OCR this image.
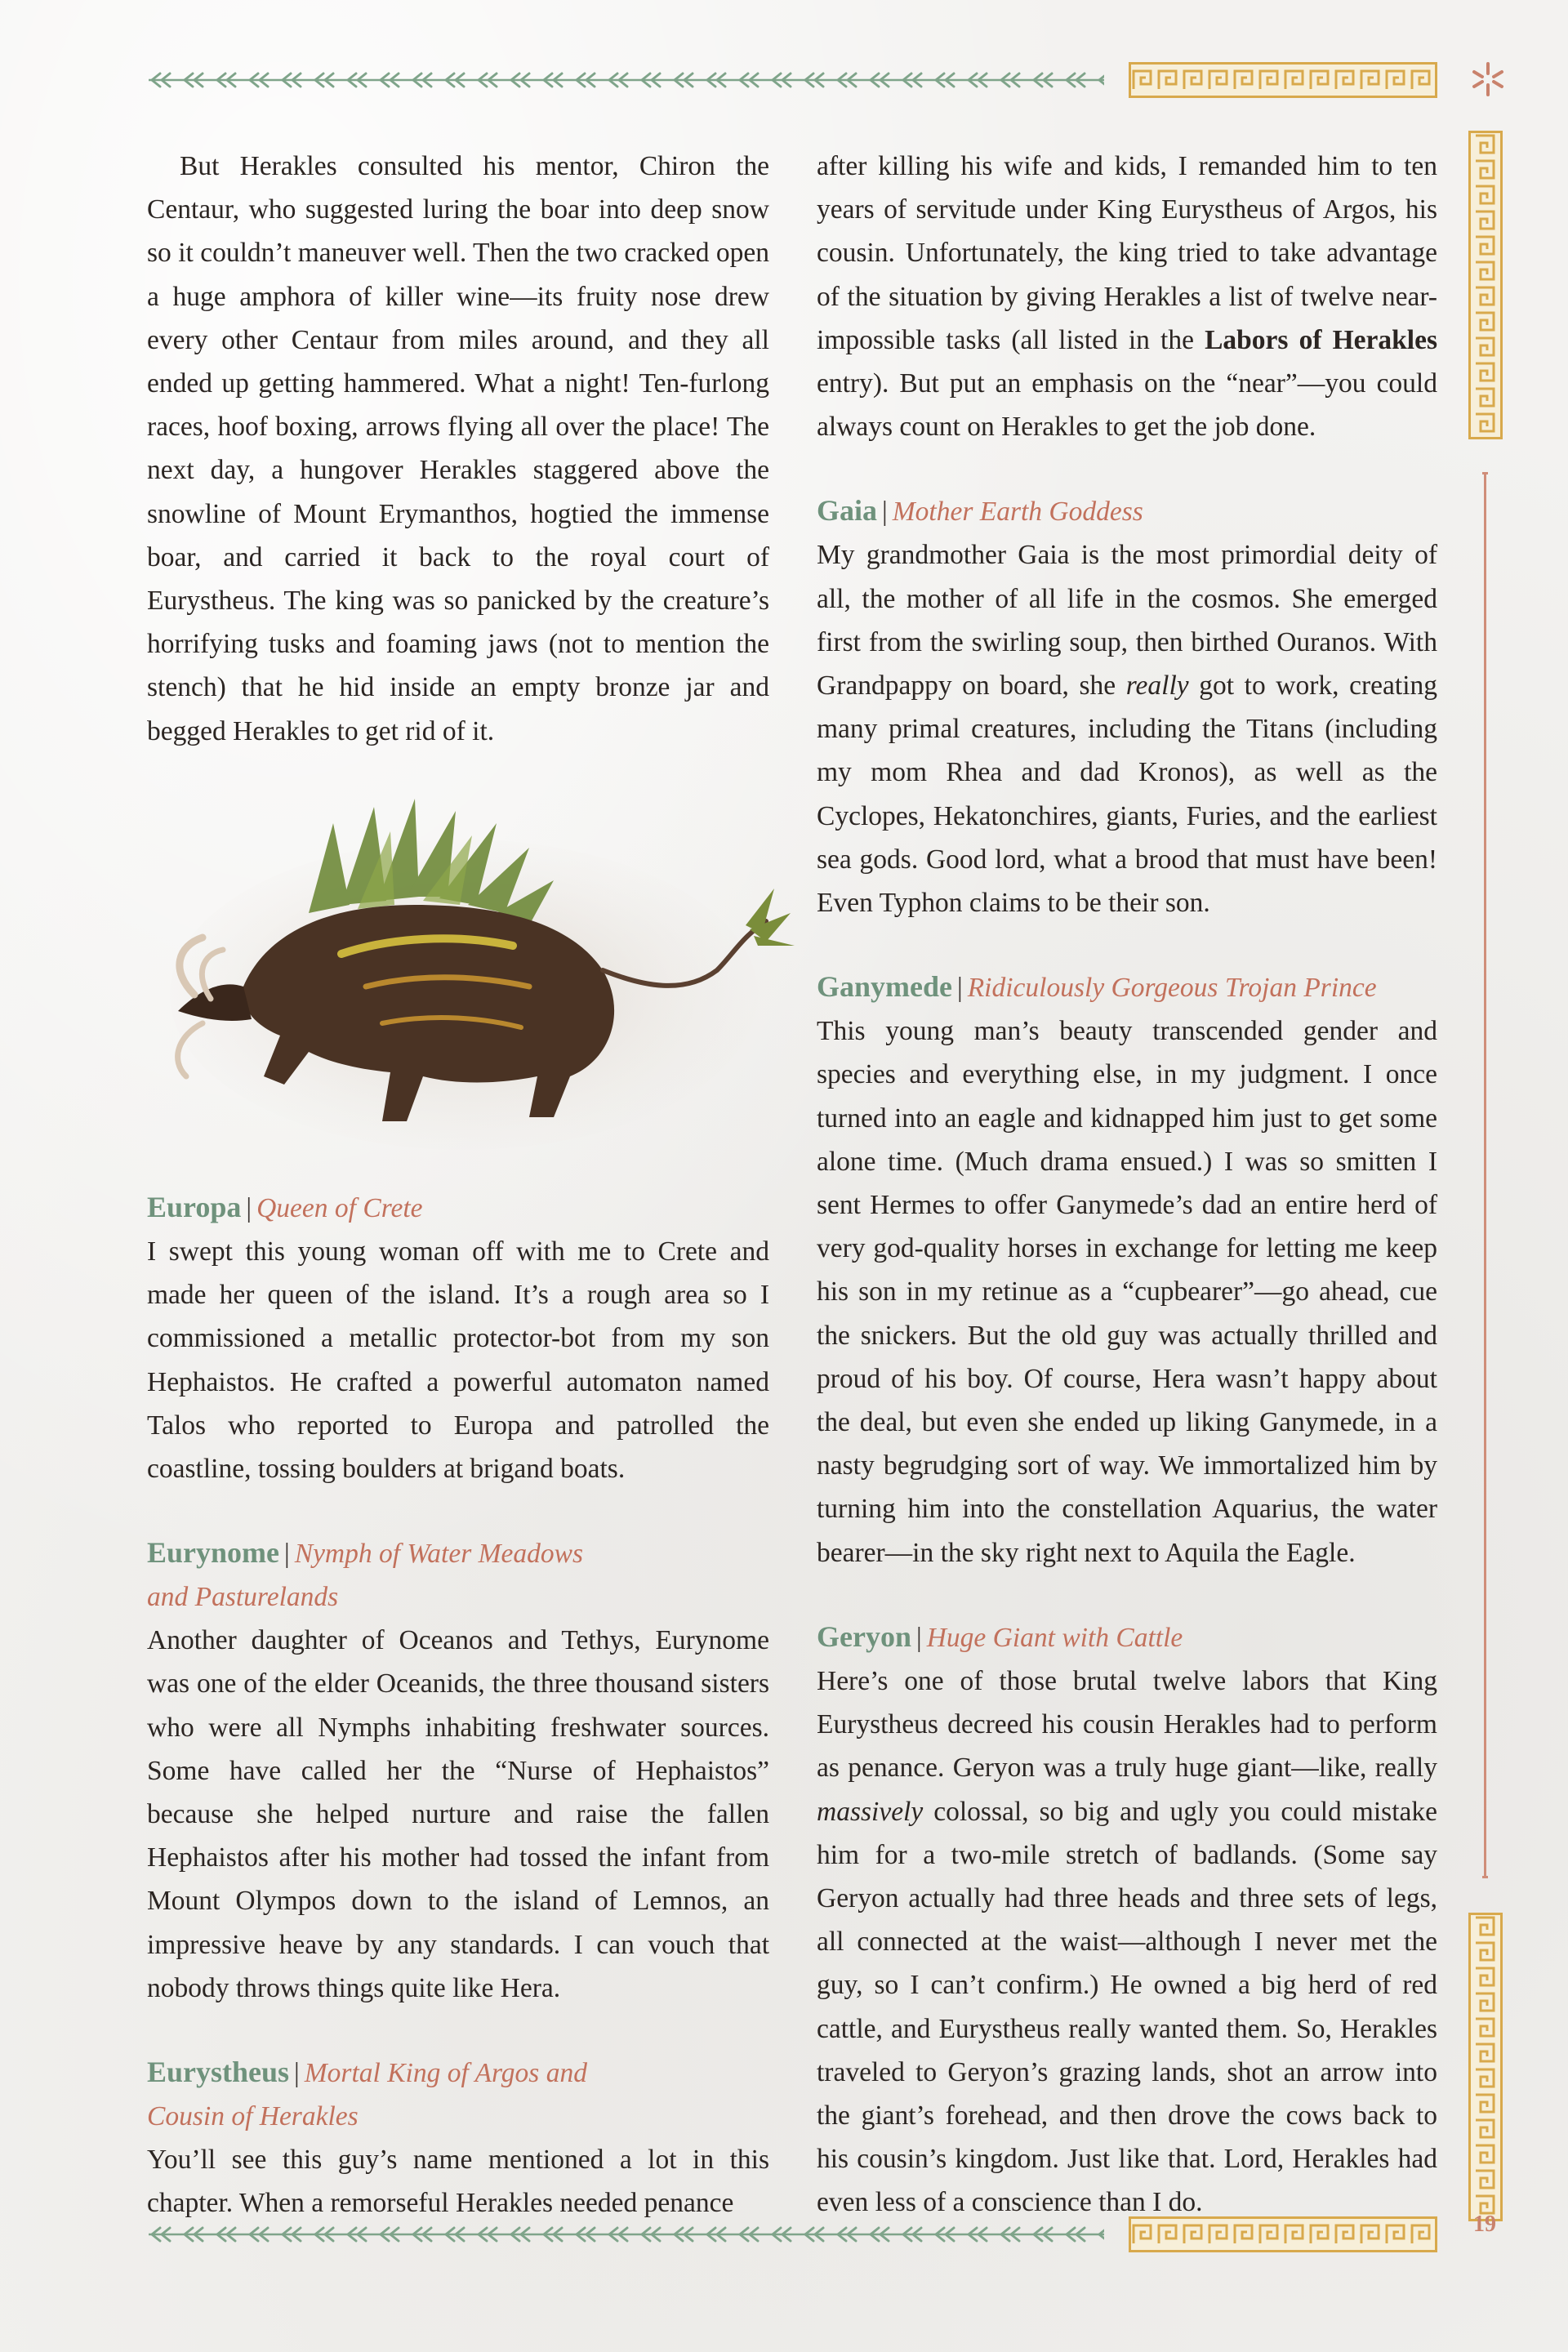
19

But Herakles consulted his mentor, Chiron the Centaur, who suggested luring the boar into deep snow so it couldn’t maneuver well. Then the two cracked open a huge amphora of killer wine—its fruity nose drew every other Centaur from miles around, and they all ended up getting hammered. What a night! Ten-furlong races, hoof boxing, arrows flying all over the place! The next day, a hungover Herakles staggered above the snowline of Mount Erymanthos, hogtied the immense boar, and carried it back to the royal court of Eurystheus. The king was so panicked by the creature’s horrifying tusks and foaming jaws (not to mention the stench) that he hid inside an empty bronze jar and begged Herakles to get rid of it.

Europa | Queen of Crete

I swept this young woman off with me to Crete and made her queen of the island. It’s a rough area so I commissioned a metallic protector-bot from my son Hephaistos. He crafted a powerful automaton named Talos who reported to Europa and patrolled the coastline, tossing boulders at brigand boats.

Eurynome | Nymph of Water Meadows
and Pasturelands

Another daughter of Oceanos and Tethys, Eurynome was one of the elder Oceanids, the three thousand sisters who were all Nymphs inhabiting freshwater sources. Some have called her the “Nurse of Hephaistos” because she helped nurture and raise the fallen Hephaistos after his mother had tossed the infant from Mount Olympos down to the island of Lemnos, an impressive heave by any standards. I can vouch that nobody throws things quite like Hera.

Eurystheus | Mortal King of Argos and
Cousin of Herakles

You’ll see this guy’s name mentioned a lot in this chapter. When a remorseful Herakles needed penance

after killing his wife and kids, I remanded him to ten years of servitude under King Eurystheus of Argos, his cousin. Unfortunately, the king tried to take advantage of the situation by giving Herakles a list of twelve near-impossible tasks (all listed in the Labors of Herakles entry). But put an emphasis on the “near”—you could always count on Herakles to get the job done.

Gaia | Mother Earth Goddess

My grandmother Gaia is the most primordial deity of all, the mother of all life in the cosmos. She emerged first from the swirling soup, then birthed Ouranos. With Grandpappy on board, she really got to work, creating many primal creatures, including the Titans (including my mom Rhea and dad Kronos), as well as the Cyclopes, Hekatonchires, giants, Furies, and the earliest sea gods. Good lord, what a brood that must have been! Even Typhon claims to be their son.

Ganymede | Ridiculously Gorgeous Trojan Prince

This young man’s beauty transcended gender and species and everything else, in my judgment. I once turned into an eagle and kidnapped him just to get some alone time. (Much drama ensued.) I was so smitten I sent Hermes to offer Ganymede’s dad an entire herd of very god-quality horses in exchange for letting me keep his son in my retinue as a “cupbearer”—go ahead, cue the snickers. But the old guy was actually thrilled and proud of his boy. Of course, Hera wasn’t happy about the deal, but even she ended up liking Ganymede, in a nasty begrudging sort of way. We immortalized him by turning him into the constellation Aquarius, the water bearer—in the sky right next to Aquila the Eagle.

Geryon | Huge Giant with Cattle

Here’s one of those brutal twelve labors that King Eurystheus decreed his cousin Herakles had to perform as penance. Geryon was a truly huge giant—like, really massively colossal, so big and ugly you could mistake him for a two-mile stretch of badlands. (Some say Geryon actually had three heads and three sets of legs, all connected at the waist—although I never met the guy, so I can’t confirm.) He owned a big herd of red cattle, and Eurystheus really wanted them. So, Herakles traveled to Geryon’s grazing lands, shot an arrow into the giant’s forehead, and then drove the cows back to his cousin’s kingdom. Just like that. Lord, Herakles had even less of a conscience than I do.
